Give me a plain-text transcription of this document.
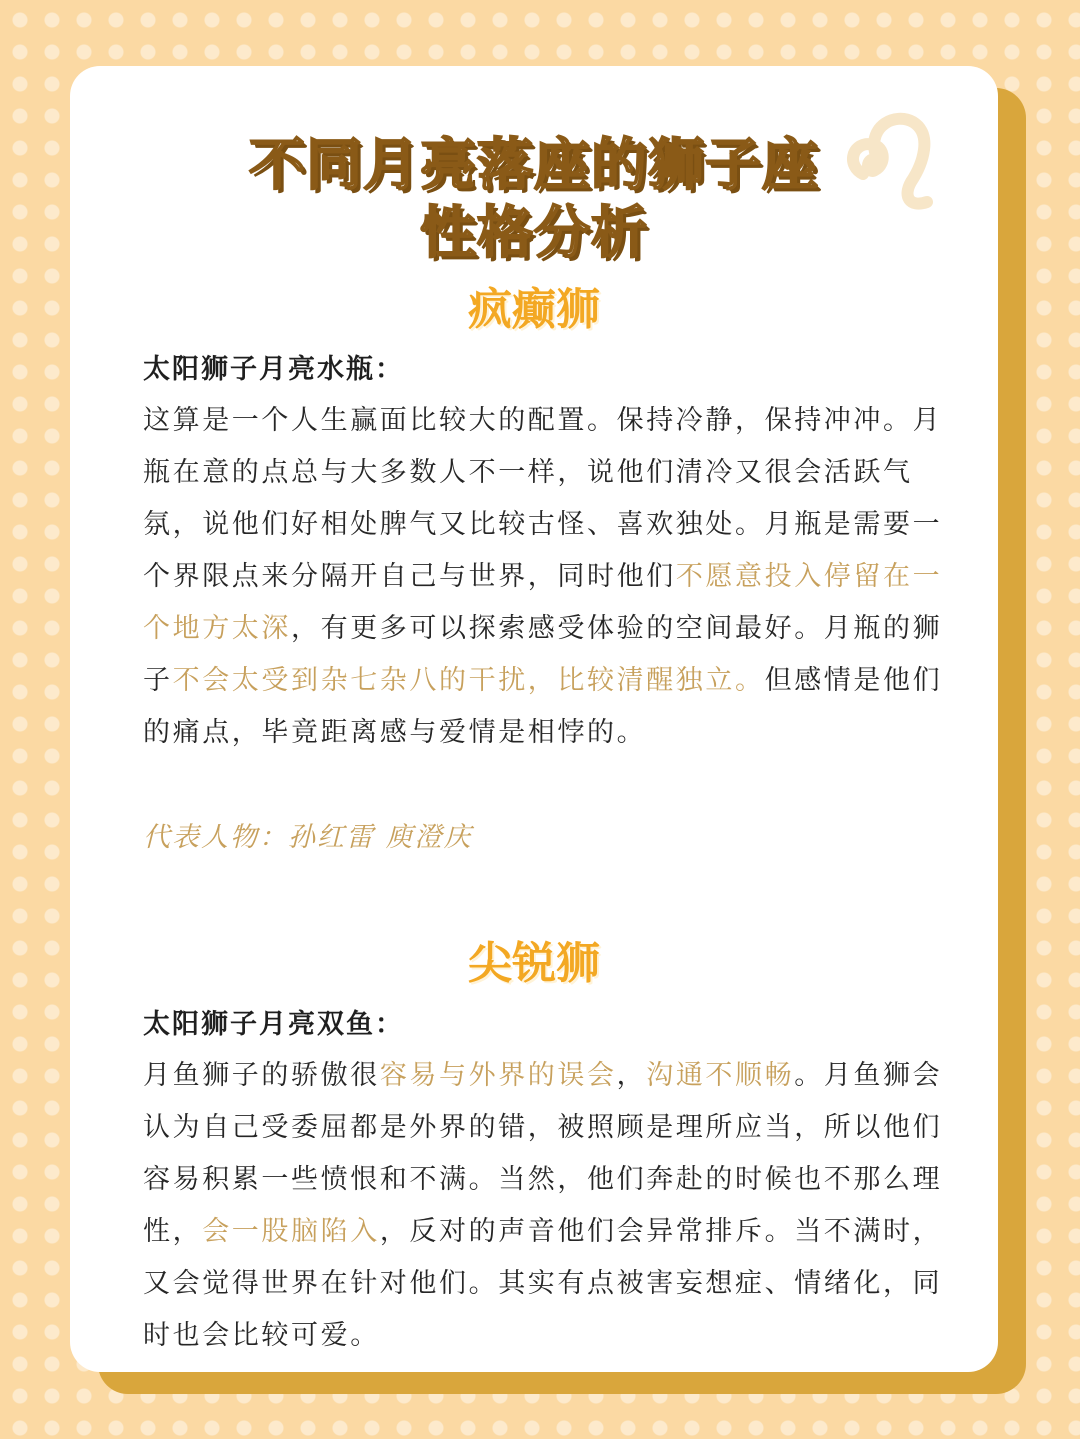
不同月亮落座的狮子座
性格分析
疯癫狮
太阳狮子月亮水瓶：

这算是一个人生赢面比较大的配置。保持冷静，保持冲冲。月瓶在意的点总与大多数人不一样，说他们清冷又很会活跃气氛，说他们好相处脾气又比较古怪、喜欢独处。月瓶是需要一个界限点来分隔开自己与世界，同时他们不愿意投入停留在一个地方太深，有更多可以探索感受体验的空间最好。月瓶的狮子不会太受到杂七杂八的干扰，比较清醒独立。但感情是他们的痛点，毕竟距离感与爱情是相悖的。

代表人物：孙红雷 庾澄庆
尖锐狮
太阳狮子月亮双鱼：

月鱼狮子的骄傲很容易与外界的误会，沟通不顺畅。月鱼狮会认为自己受委屈都是外界的错，被照顾是理所应当，所以他们容易积累一些愤恨和不满。当然，他们奔赴的时候也不那么理性，会一股脑陷入，反对的声音他们会异常排斥。当不满时，又会觉得世界在针对他们。其实有点被害妄想症、情绪化，同时也会比较可爱。
